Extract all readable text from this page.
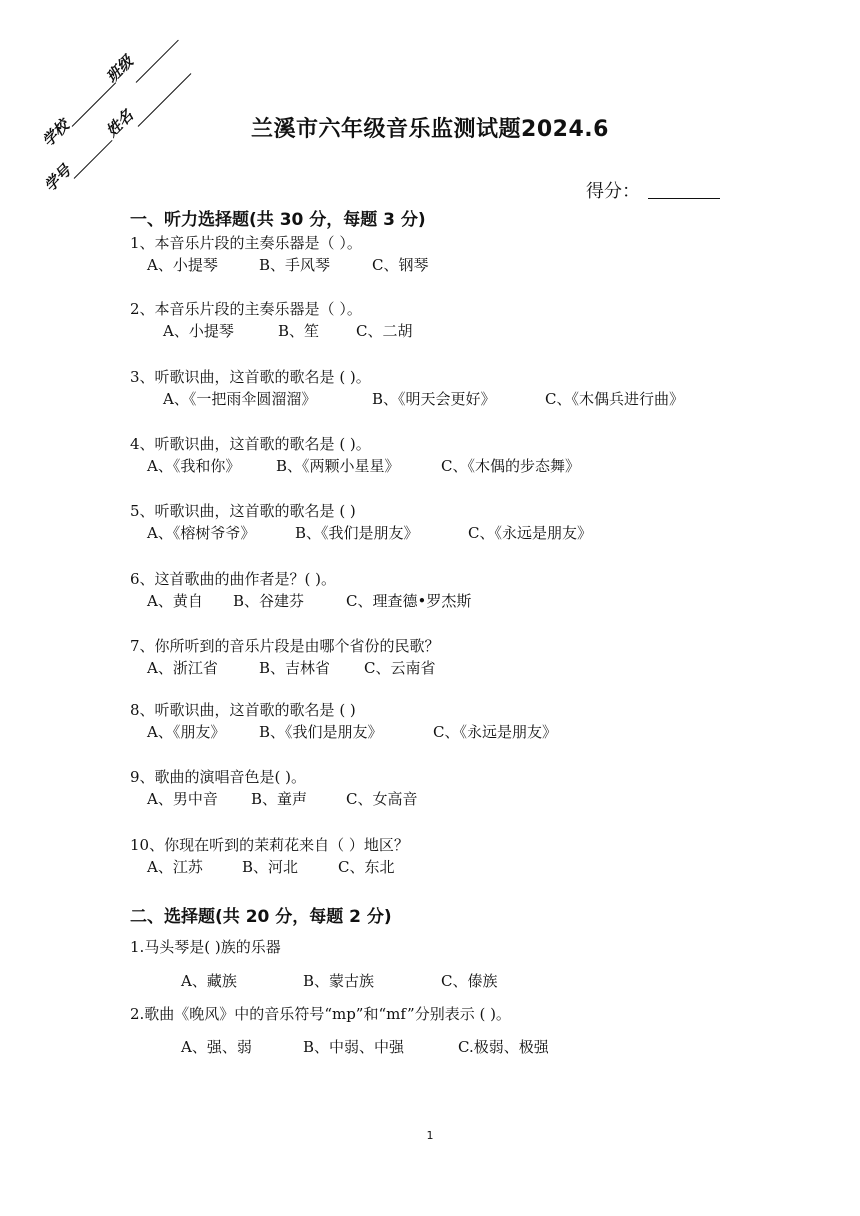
学校
班级
学号
姓名	兰溪市六年级音乐监测试题2024.6
得分：
一、听力选择题(共 30 分，每题 3 分)
1、本音乐片段的主奏乐器是（ ）。
A、小提琴	B、手风琴	C、钢琴
2、本音乐片段的主奏乐器是（ ）。
A、小提琴	B、笙 C、二胡
3、听歌识曲，这首歌的歌名是 ( )。
A、《一把雨伞圆溜溜》	B、《明天会更好》	C、《木偶兵进行曲》
4、听歌识曲，这首歌的歌名是 ( )。
A、《我和你》 B、《两颗小星星》	C、《木偶的步态舞》
5、听歌识曲，这首歌的歌名是 ( )
A、《榕树爷爷》	B、《我们是朋友》	C、《永远是朋友》
6、这首歌曲的曲作者是？( )。
A、黄自 B、谷建芬	C、理查德•罗杰斯
7、你所听到的音乐片段是由哪个省份的民歌？
A、浙江省	B、吉林省 C、云南省
8、听歌识曲，这首歌的歌名是 ( )
A、《朋友》 B、《我们是朋友》	C、《永远是朋友》
9、歌曲的演唱音色是( )。
A、男中音 B、童声	C、女高音
10、你现在听到的茉莉花来自（ ）地区？
A、江苏	B、河北	C、东北
二、选择题(共 20 分，每题 2 分)
1.马头琴是( )族的乐器
A、藏族	B、蒙古族	C、傣族
2.歌曲《晚风》中的音乐符号“mp”和“mf”分别表示 ( )。
A、强、弱	B、中弱、中强	C.极弱、极强
1
